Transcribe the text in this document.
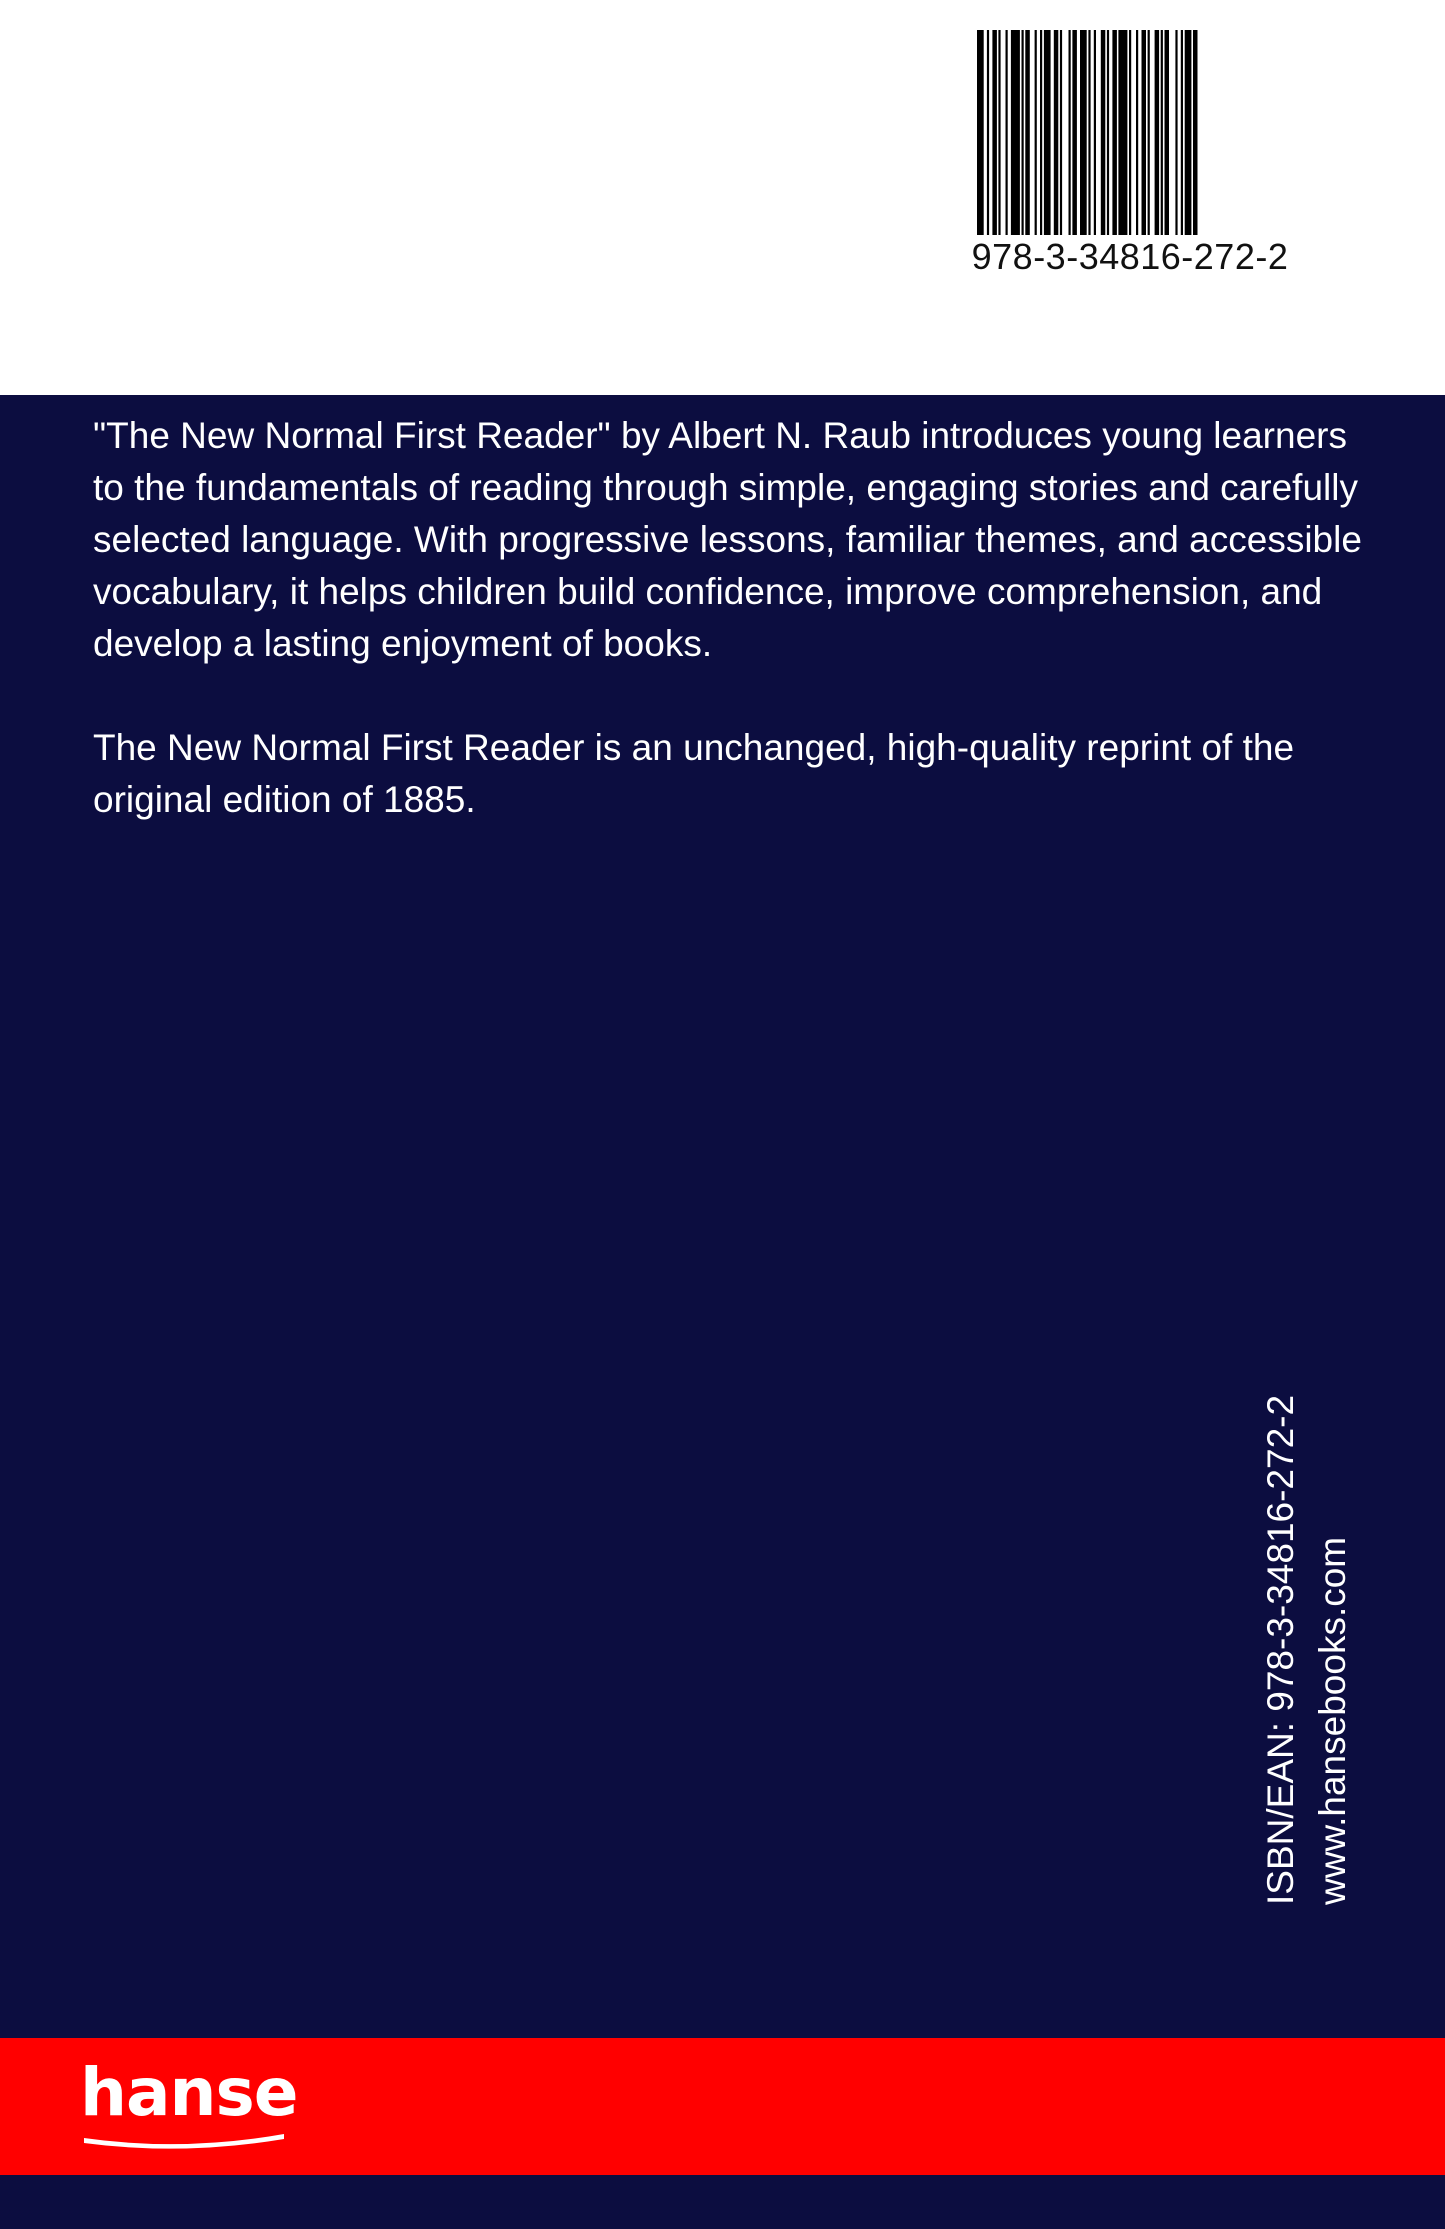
978-3-34816-272-2

"The New Normal First Reader" by Albert N. Raub introduces young learners to the fundamentals of reading through simple, engaging stories and carefully selected language. With progressive lessons, familiar themes, and accessible vocabulary, it helps children build confidence, improve comprehension, and develop a lasting enjoyment of books.

The New Normal First Reader is an unchanged, high-quality reprint of the original edition of 1885.

ISBN/EAN: 978-3-34816-272-2 www.hansebooks.com
hanse
